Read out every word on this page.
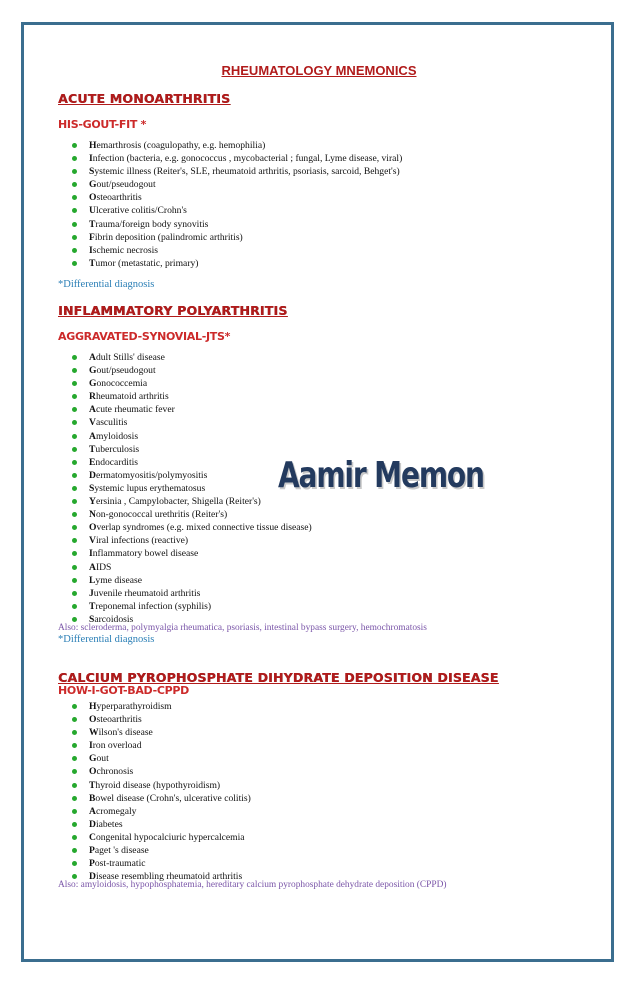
RHEUMATOLOGY MNEMONICS
ACUTE MONOARTHRITIS
HIS-GOUT-FIT *
Hemarthrosis (coagulopathy, e.g. hemophilia)
Infection (bacteria, e.g. gonococcus , mycobacterial ; fungal, Lyme disease, viral)
Systemic illness (Reiter's, SLE, rheumatoid arthritis, psoriasis, sarcoid, Behget's)
Gout/pseudogout
Osteoarthritis
Ulcerative colitis/Crohn's
Trauma/foreign body synovitis
Fibrin deposition (palindromic arthritis)
Ischemic necrosis
Tumor (metastatic, primary)
*Differential diagnosis
INFLAMMATORY POLYARTHRITIS
AGGRAVATED-SYNOVIAL-JTS*
Adult Stills' disease
Gout/pseudogout
Gonococcemia
Rheumatoid arthritis
Acute rheumatic fever
Vasculitis
Amyloidosis
Tuberculosis
Endocarditis
Dermatomyositis/polymyositis
Systemic lupus erythematosus
Yersinia , Campylobacter, Shigella (Reiter's)
Non-gonococcal urethritis (Reiter's)
Overlap syndromes (e.g. mixed connective tissue disease)
Viral infections (reactive)
Inflammatory bowel disease
AIDS
Lyme disease
Juvenile rheumatoid arthritis
Treponemal infection (syphilis)
Sarcoidosis
Also: scleroderma, polymyalgia rheumatica, psoriasis, intestinal bypass surgery, hemochromatosis
*Differential diagnosis
CALCIUM PYROPHOSPHATE DIHYDRATE DEPOSITION DISEASE
HOW-I-GOT-BAD-CPPD
Hyperparathyroidism
Osteoarthritis
Wilson's disease
Iron overload
Gout
Ochronosis
Thyroid disease (hypothyroidism)
Bowel disease (Crohn's, ulcerative colitis)
Acromegaly
Diabetes
Congenital hypocalciuric hypercalcemia
Paget 's disease
Post-traumatic
Disease resembling rheumatoid arthritis
Also: amyloidosis, hypophosphatemia, hereditary calcium pyrophosphate dehydrate deposition (CPPD)
Aamir Memon
